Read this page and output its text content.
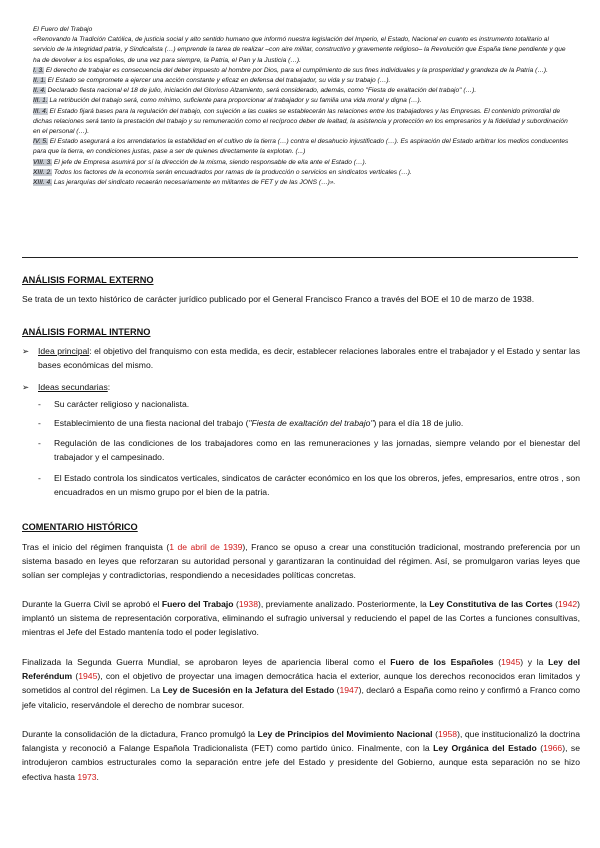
El Fuero del Trabajo

«Renovando la Tradición Católica, de justicia social y alto sentido humano que informó nuestra legislación del Imperio, el Estado, Nacional en cuanto es instrumento totalitario al servicio de la integridad patria, y Sindicalista (…) emprende la tarea de realizar –con aire militar, constructivo y gravemente religioso– la Revolución que España tiene pendiente y que ha de devolver a los españoles, de una vez para siempre, la Patria, el Pan y la Justicia (…).

I. 3. El derecho de trabajar es consecuencia del deber impuesto al hombre por Dios, para el cumplimiento de sus fines individuales y la prosperidad y grandeza de la Patria (…).

II. 1. El Estado se compromete a ejercer una acción constante y eficaz en defensa del trabajador, su vida y su trabajo (…).

II. 4. Declarado fiesta nacional el 18 de julio, iniciación del Glorioso Alzamiento, será considerado, además, como "Fiesta de exaltación del trabajo" (…).

III. 1. La retribución del trabajo será, como mínimo, suficiente para proporcionar al trabajador y su familia una vida moral y digna (…).

III. 4. El Estado fijará bases para la regulación del trabajo, con sujeción a las cuales se establecerán las relaciones entre los trabajadores y las Empresas. El contenido primordial de dichas relaciones será tanto la prestación del trabajo y su remuneración como el recíproco deber de lealtad, la asistencia y protección en los empresarios y la fidelidad y subordinación en el personal (…).

IV. 5. El Estado asegurará a los arrendatarios la estabilidad en el cultivo de la tierra (…) contra el desahucio injustificado (…). Es aspiración del Estado arbitrar los medios conducentes para que la tierra, en condiciones justas, pase a ser de quienes directamente la explotan. (...)

VIII. 3. El jefe de Empresa asumirá por sí la dirección de la misma, siendo responsable de ella ante el Estado (…).

XIII. 2. Todos los factores de la economía serán encuadrados por ramas de la producción o servicios en sindicatos verticales (…).

XIII. 4. Las jerarquías del sindicato recaerán necesariamente en militantes de FET y de las JONS (…)».

ANÁLISIS FORMAL EXTERNO

Se trata de un texto histórico de carácter jurídico publicado por el General Francisco Franco a través del BOE el 10 de marzo de 1938.

ANÁLISIS FORMAL INTERNO
➢ Idea principal: el objetivo del franquismo con esta medida, es decir, establecer relaciones laborales entre el trabajador y el Estado y sentar las bases económicas del mismo.
➢ Ideas secundarias:
- Su carácter religioso y nacionalista.
- Establecimiento de una fiesta nacional del trabajo ("Fiesta de exaltación del trabajo") para el día 18 de julio.
- Regulación de las condiciones de los trabajadores como en las remuneraciones y las jornadas, siempre velando por el bienestar del trabajador y el campesinado.
- El Estado controla los sindicatos verticales, sindicatos de carácter económico en los que los obreros, jefes, empresarios, entre otros , son encuadrados en un mismo grupo por el bien de la patria.
COMENTARIO HISTÓRICO

Tras el inicio del régimen franquista (1 de abril de 1939), Franco se opuso a crear una constitución tradicional, mostrando preferencia por un sistema basado en leyes que reforzaran su autoridad personal y garantizaran la continuidad del régimen. Así, se promulgaron varias leyes que solían ser complejas y contradictorias, respondiendo a necesidades políticas concretas.

Durante la Guerra Civil se aprobó el Fuero del Trabajo (1938), previamente analizado. Posteriormente, la Ley Constitutiva de las Cortes (1942) implantó un sistema de representación corporativa, eliminando el sufragio universal y reduciendo el papel de las Cortes a funciones consultivas, mientras el Jefe del Estado mantenía todo el poder legislativo.

Finalizada la Segunda Guerra Mundial, se aprobaron leyes de apariencia liberal como el Fuero de los Españoles (1945) y la Ley del Referéndum (1945), con el objetivo de proyectar una imagen democrática hacia el exterior, aunque los derechos reconocidos eran limitados y sometidos al control del régimen. La Ley de Sucesión en la Jefatura del Estado (1947), declaró a España como reino y confirmó a Franco como jefe vitalicio, reservándole el derecho de nombrar sucesor.

Durante la consolidación de la dictadura, Franco promulgó la Ley de Principios del Movimiento Nacional (1958), que institucionalizó la doctrina falangista y reconoció a Falange Española Tradicionalista (FET) como partido único. Finalmente, con la Ley Orgánica del Estado (1966), se introdujeron cambios estructurales como la separación entre jefe del Estado y presidente del Gobierno, aunque esta separación no se hizo efectiva hasta 1973.
